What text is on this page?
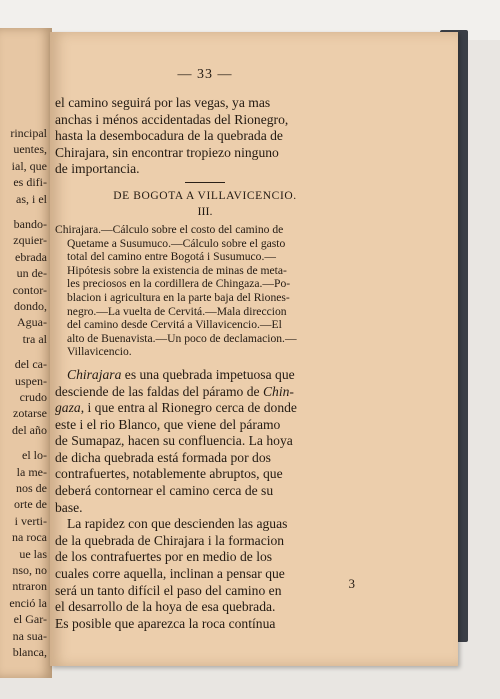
rincipal
uentes,
ial, que
es difi-
as, i el
bando-
zquier-
ebrada
un de-
contor-
dondo,
Agua-
tra al
del ca-
uspen-
crudo
zotarse
del año
el lo-
la me-
nos de
orte de
i verti-
na roca
ue las
nso, no
ntraron
enció la
el Gar-
na sua-
blanca,
— 33 —

el camino seguirá por las vegas, ya mas
anchas i ménos accidentadas del Rionegro,
hasta la desembocadura de la quebrada de
Chirajara, sin encontrar tropiezo ninguno
de importancia.

DE BOGOTA A VILLAVICENCIO.
III.

Chirajara.—Cálculo sobre el costo del camino de
Quetame a Susumuco.—Cálculo sobre el gasto
total del camino entre Bogotá i Susumuco.—
Hipótesis sobre la existencia de minas de meta-
les preciosos en la cordillera de Chingaza.—Po-
blacion i agricultura en la parte baja del Riones-
negro.—La vuelta de Cervitá.—Mala direccion
del camino desde Cervitá a Villavicencio.—El
alto de Buenavista.—Un poco de declamacion.—
Villavicencio.

Chirajara es una quebrada impetuosa que
desciende de las faldas del páramo de Chin-
gaza, i que entra al Rionegro cerca de donde
este i el rio Blanco, que viene del páramo
de Sumapaz, hacen su confluencia. La hoya
de dicha quebrada está formada por dos
contrafuertes, notablemente abruptos, que
deberá contornear el camino cerca de su
base.

La rapidez con que descienden las aguas
de la quebrada de Chirajara i la formacion
de los contrafuertes por en medio de los
cuales corre aquella, inclinan a pensar que
será un tanto difícil el paso del camino en
el desarrollo de la hoya de esa quebrada.
Es posible que aparezca la roca contínua

3
